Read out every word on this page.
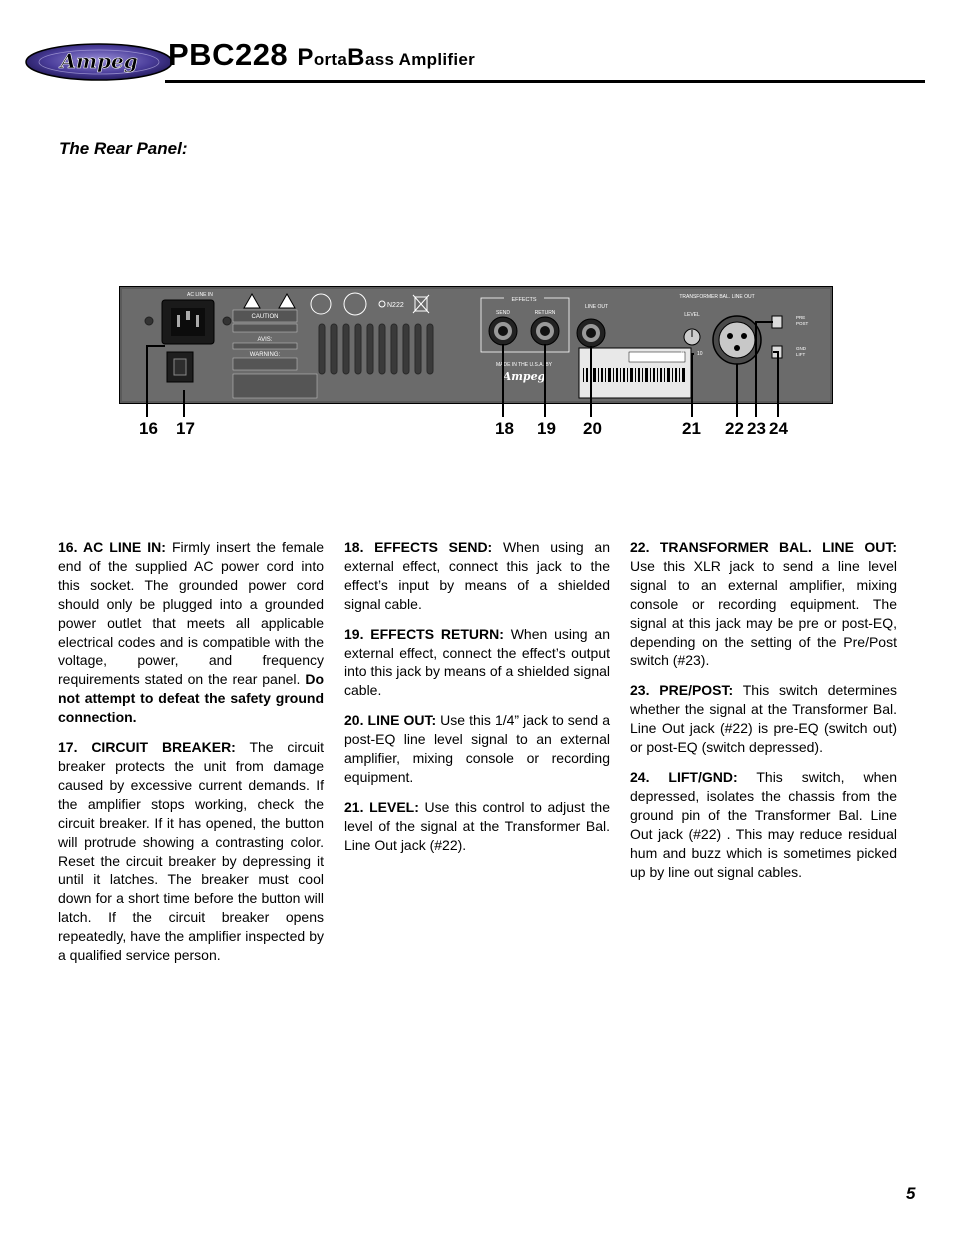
Ampeg PBC228 PortaBass Amplifier
The Rear Panel:
AC LINE IN
CAUTION
AVIS:
WARNING:
N222
EFFECTS
SEND	RETURN
LINE OUT
MADE IN THE U.S.A. BY
Ampeg
TRANSFORMER BAL. LINE OUT
LEVEL
0	10
PRE
POST
GND
LIFT
16 17	18 19 20	21 22 23 24

16. AC LINE IN: Firmly insert the female end of the supplied AC power cord into this socket. The grounded power cord should only be plugged into a grounded power outlet that meets all applicable electrical codes and is compatible with the voltage, power, and frequency requirements stated on the rear panel. Do not attempt to defeat the safety ground connection.

17. CIRCUIT BREAKER: The circuit breaker protects the unit from damage caused by excessive current demands. If the amplifier stops working, check the circuit breaker. If it has opened, the button will protrude showing a contrasting color. Reset the circuit breaker by depressing it until it latches. The breaker must cool down for a short time before the button will latch. If the circuit breaker opens repeatedly, have the amplifier inspected by a qualified service person.

18. EFFECTS SEND: When using an external effect, connect this jack to the effect’s input by means of a shielded signal cable.

19. EFFECTS RETURN: When using an external effect, connect the effect’s output into this jack by means of a shielded signal cable.

20. LINE OUT: Use this 1/4” jack to send a post-EQ line level signal to an external amplifier, mixing console or recording equipment.

21. LEVEL: Use this control to adjust the level of the signal at the Transformer Bal. Line Out jack (#22).

22. TRANSFORMER BAL. LINE OUT: Use this XLR jack to send a line level signal to an external amplifier, mixing console or recording equipment. The signal at this jack may be pre or post-EQ, depending on the setting of the Pre/Post switch (#23).

23. PRE/POST: This switch determines whether the signal at the Transformer Bal. Line Out jack (#22) is pre-EQ (switch out) or post-EQ (switch depressed).

24. LIFT/GND: This switch, when depressed, isolates the chassis from the ground pin of the Transformer Bal. Line Out jack (#22) . This may reduce residual hum and buzz which is sometimes picked up by line out signal cables.

5
